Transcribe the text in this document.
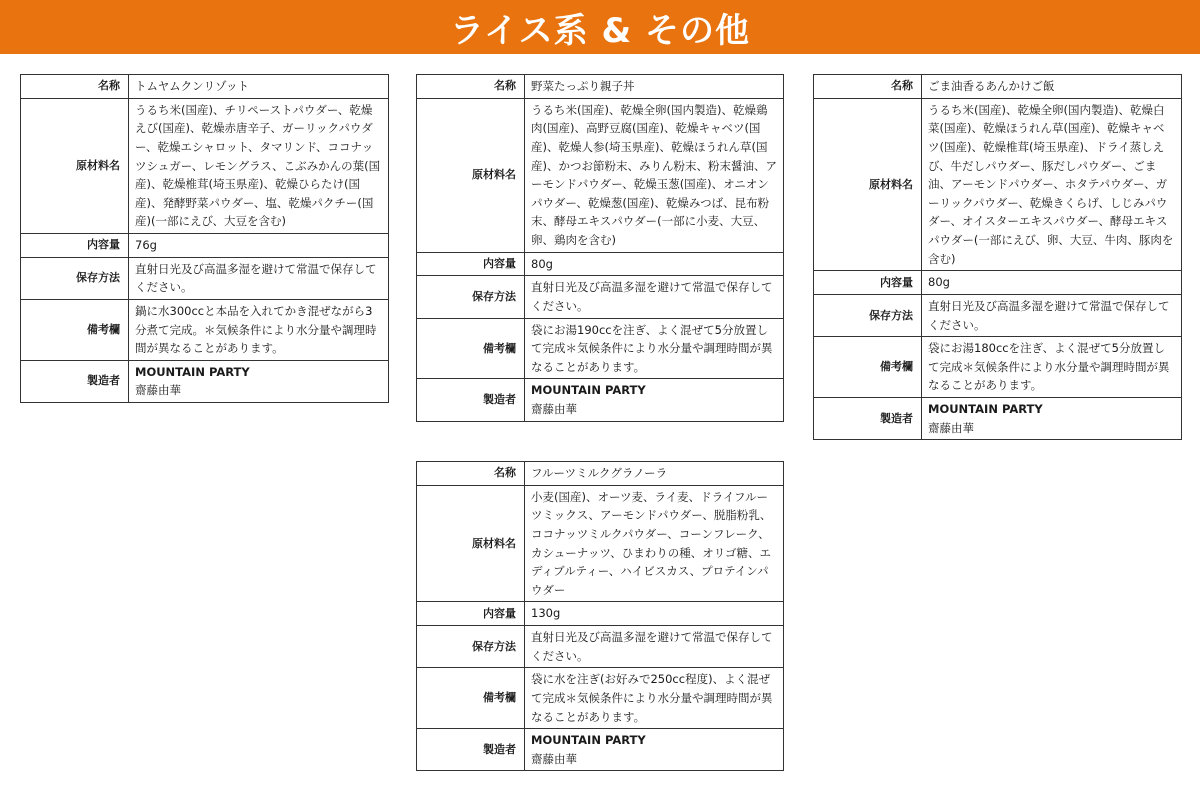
ライス系 & その他
名称	トムヤムクンリゾット
原材料名	うるち米(国産)、チリペーストパウダー、乾燥えび(国産)、乾燥赤唐辛子、ガーリックパウダー、乾燥エシャロット、タマリンド、ココナッツシュガー、レモングラス、こぶみかんの葉(国産)、乾燥椎茸(埼玉県産)、乾燥ひらたけ(国産)、発酵野菜パウダー、塩、乾燥パクチー(国産)(一部にえび、大豆を含む)
内容量	76g
保存方法	直射日光及び高温多湿を避けて常温で保存してください。
備考欄	鍋に水300ccと本品を入れてかき混ぜながら3分煮て完成。＊気候条件により水分量や調理時間が異なることがあります。
製造者	MOUNTAIN PARTY
齋藤由華
名称	野菜たっぷり親子丼
原材料名	うるち米(国産)、乾燥全卵(国内製造)、乾燥鶏肉(国産)、高野豆腐(国産)、乾燥キャベツ(国産)、乾燥人参(埼玉県産)、乾燥ほうれん草(国産)、かつお節粉末、みりん粉末、粉末醤油、アーモンドパウダー、乾燥玉葱(国産)、オニオンパウダー、乾燥葱(国産)、乾燥みつば、昆布粉末、酵母エキスパウダー(一部に小麦、大豆、卵、鶏肉を含む)
内容量	80g
保存方法	直射日光及び高温多湿を避けて常温で保存してください。
備考欄	袋にお湯190ccを注ぎ、よく混ぜて5分放置して完成＊気候条件により水分量や調理時間が異なることがあります。
製造者	MOUNTAIN PARTY
齋藤由華
名称	ごま油香るあんかけご飯
原材料名	うるち米(国産)、乾燥全卵(国内製造)、乾燥白菜(国産)、乾燥ほうれん草(国産)、乾燥キャベツ(国産)、乾燥椎茸(埼玉県産)、ドライ蒸しえび、牛だしパウダー、豚だしパウダー、ごま油、アーモンドパウダー、ホタテパウダー、ガーリックパウダー、乾燥きくらげ、しじみパウダー、オイスターエキスパウダー、酵母エキスパウダー(一部にえび、卵、大豆、牛肉、豚肉を含む)
内容量	80g
保存方法	直射日光及び高温多湿を避けて常温で保存してください。
備考欄	袋にお湯180ccを注ぎ、よく混ぜて5分放置して完成＊気候条件により水分量や調理時間が異なることがあります。
製造者	MOUNTAIN PARTY
齋藤由華
名称	フルーツミルクグラノーラ
原材料名	小麦(国産)、オーツ麦、ライ麦、ドライフルーツミックス、アーモンドパウダー、脱脂粉乳、ココナッツミルクパウダー、コーンフレーク、カシューナッツ、ひまわりの種、オリゴ糖、エディブルティー、ハイビスカス、プロテインパウダー
内容量	130g
保存方法	直射日光及び高温多湿を避けて常温で保存してください。
備考欄	袋に水を注ぎ(お好みで250cc程度)、よく混ぜて完成＊気候条件により水分量や調理時間が異なることがあります。
製造者	MOUNTAIN PARTY
齋藤由華
